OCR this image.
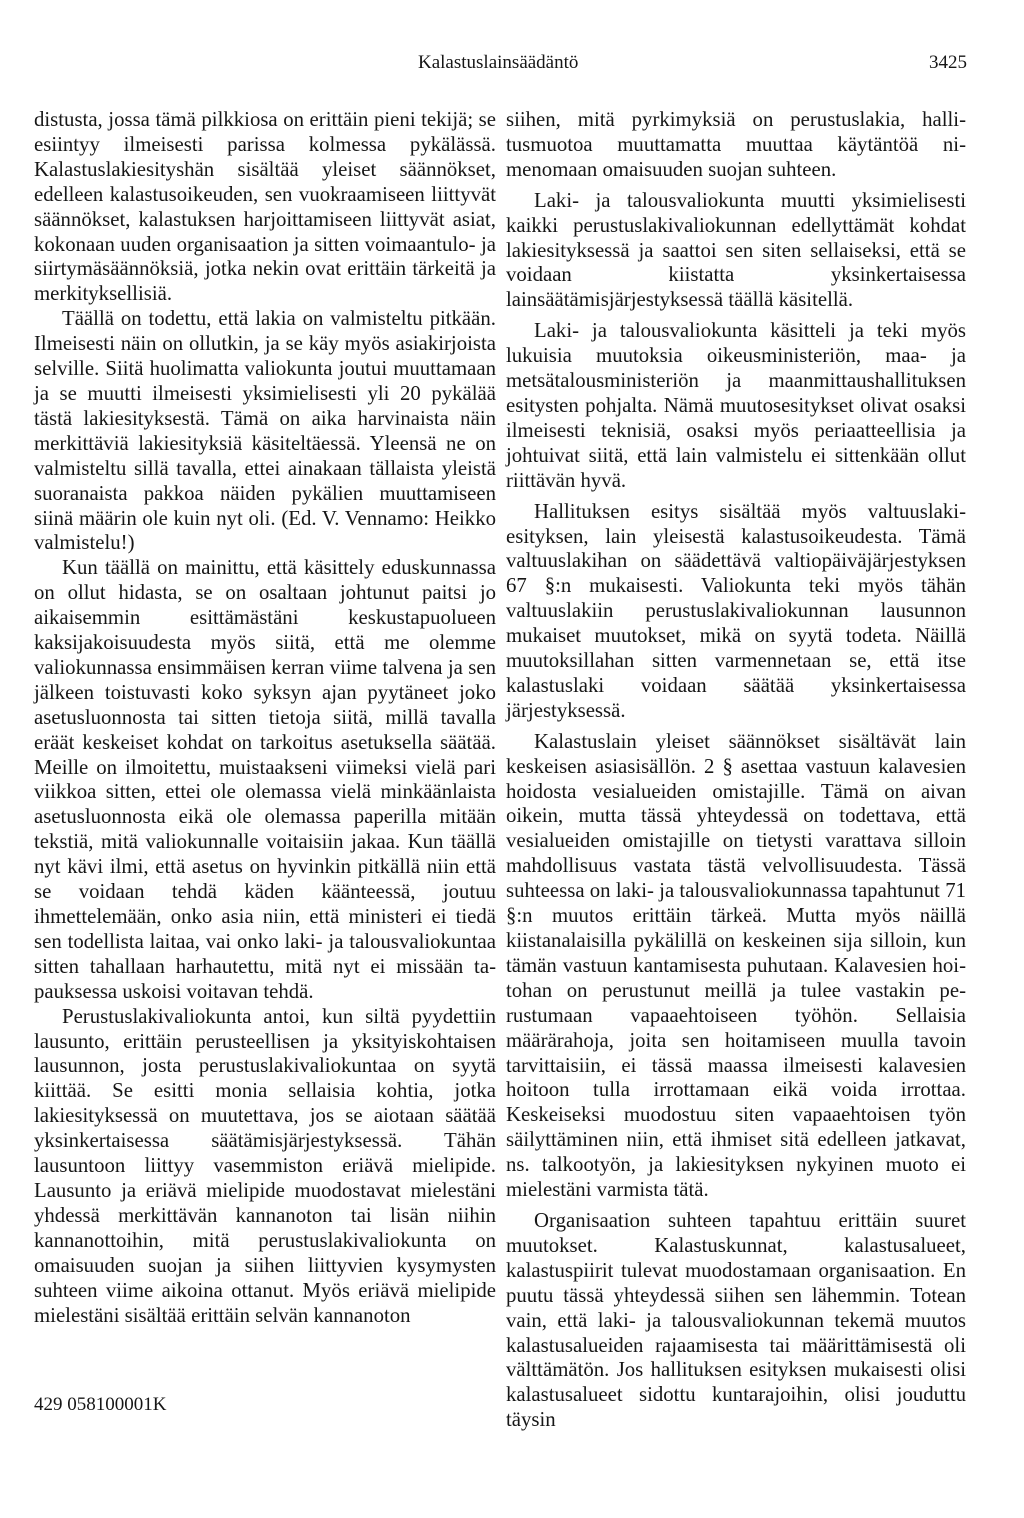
Kalastuslainsäädäntö	3425

distusta, jossa tämä pilkkiosa on erittäin pieni tekijä; se esiintyy ilmeisesti parissa kolmessa pykälässä. Kalastuslakiesityshän sisältää yleiset säännökset, edelleen kalastusoikeuden, sen vuokraamiseen liittyvät säännökset, kalastuksen harjoittamiseen liittyvät asiat, kokonaan uuden organisaation ja sitten voimaantulo- ja siirtymäsäännöksiä, jotka nekin ovat erittäin tärkeitä ja merkityksellisiä.

Täällä on todettu, että lakia on valmisteltu pitkään. Ilmeisesti näin on ollutkin, ja se käy myös asiakirjoista selville. Siitä huolimatta valiokunta joutui muuttamaan ja se muutti ilmeisesti yksimielisesti yli 20 pykälää tästä lakiesityksestä. Tämä on aika harvinaista näin merkittäviä lakiesityksiä käsiteltäessä. Yleensä ne on valmisteltu sillä tavalla, ettei ainakaan tällaista yleistä suoranaista pakkoa näiden pykälien muuttamiseen siinä määrin ole kuin nyt oli. (Ed. V. Vennamo: Heikko valmistelu!)

Kun täällä on mainittu, että käsittely eduskunnassa on ollut hidasta, se on osaltaan johtunut paitsi jo aikaisemmin esittämästäni keskustapuolueen kaksijakoisuudesta myös siitä, että me olemme valiokunnassa ensimmäisen kerran viime talvena ja sen jälkeen toistuvasti koko syksyn ajan pyytäneet joko asetusluonnosta tai sitten tietoja siitä, millä tavalla eräät keskeiset kohdat on tarkoitus asetuksella säätää. Meille on ilmoitettu, muistaakseni viimeksi vielä pari viikkoa sitten, ettei ole olemassa vielä minkäänlaista asetusluonnosta eikä ole olemassa paperilla mitään tekstiä, mitä valiokunnalle voitaisiin jakaa. Kun täällä nyt kävi ilmi, että asetus on hyvinkin pitkällä niin että se voidaan tehdä käden käänteessä, joutuu ihmettelemään, onko asia niin, että ministeri ei tiedä sen todellista laitaa, vai onko laki- ja talousvaliokuntaa sitten tahallaan harhautettu, mitä nyt ei missään tapauksessa uskoisi voitavan tehdä.

Perustuslakivaliokunta antoi, kun siltä pyydettiin lausunto, erittäin perusteellisen ja yksityiskohtaisen lausunnon, josta perustuslakivaliokuntaa on syytä kiittää. Se esitti monia sellaisia kohtia, jotka lakiesityksessä on muutettava, jos se aiotaan säätää yksinkertaisessa säätämisjärjestyksessä. Tähän lausuntoon liittyy vasemmiston eriävä mielipide. Lausunto ja eriävä mielipide muodostavat mielestäni yhdessä merkittävän kannanoton tai lisän niihin kannanottoihin, mitä perustuslakivaliokunta on omaisuuden suojan ja siihen liittyvien kysymysten suhteen viime aikoina ottanut. Myös eriävä mielipide mielestäni sisältää erittäin selvän kannanoton

siihen, mitä pyrkimyksiä on perustuslakia, hallitusmuotoa muuttamatta muuttaa käytäntöä nimenomaan omaisuuden suojan suhteen.

Laki- ja talousvaliokunta muutti yksimielisesti kaikki perustuslakivaliokunnan edellyttämät kohdat lakiesityksessä ja saattoi sen siten sellaiseksi, että se voidaan kiistatta yksinkertaisessa lainsäätämisjärjestyksessä täällä käsitellä.

Laki- ja talousvaliokunta käsitteli ja teki myös lukuisia muutoksia oikeusministeriön, maa- ja metsätalousministeriön ja maanmittaushallituksen esitysten pohjalta. Nämä muutosesitykset olivat osaksi ilmeisesti teknisiä, osaksi myös periaatteellisia ja johtuivat siitä, että lain valmistelu ei sittenkään ollut riittävän hyvä.

Hallituksen esitys sisältää myös valtuuslakiesityksen, lain yleisestä kalastusoikeudesta. Tämä valtuuslakihan on säädettävä valtiopäiväjärjestyksen 67 §:n mukaisesti. Valiokunta teki myös tähän valtuuslakiin perustuslakivaliokunnan lausunnon mukaiset muutokset, mikä on syytä todeta. Näillä muutoksillahan sitten varmennetaan se, että itse kalastuslaki voidaan säätää yksinkertaisessa järjestyksessä.

Kalastuslain yleiset säännökset sisältävät lain keskeisen asiasisällön. 2 § asettaa vastuun kalavesien hoidosta vesialueiden omistajille. Tämä on aivan oikein, mutta tässä yhteydessä on todettava, että vesialueiden omistajille on tietysti varattava silloin mahdollisuus vastata tästä velvollisuudesta. Tässä suhteessa on laki- ja talousvaliokunnassa tapahtunut 71 §:n muutos erittäin tärkeä. Mutta myös näillä kiistanalaisilla pykälillä on keskeinen sija silloin, kun tämän vastuun kantamisesta puhutaan. Kalavesien hoitohan on perustunut meillä ja tulee vastakin perustumaan vapaaehtoiseen työhön. Sellaisia määrärahoja, joita sen hoitamiseen muulla tavoin tarvittaisiin, ei tässä maassa ilmeisesti kalavesien hoitoon tulla irrottamaan eikä voida irrottaa. Keskeiseksi muodostuu siten vapaaehtoisen työn säilyttäminen niin, että ihmiset sitä edelleen jatkavat, ns. talkootyön, ja lakiesityksen nykyinen muoto ei mielestäni varmista tätä.

Organisaation suhteen tapahtuu erittäin suuret muutokset. Kalastuskunnat, kalastusalueet, kalastuspiirit tulevat muodostamaan organisaation. En puutu tässä yhteydessä siihen sen lähemmin. Totean vain, että laki- ja talousvaliokunnan tekemä muutos kalastusalueiden rajaamisesta tai määrittämisestä oli välttämätön. Jos hallituksen esityksen mukaisesti olisi kalastusalueet sidottu kuntarajoihin, olisi jouduttu täysin

429 058100001K
